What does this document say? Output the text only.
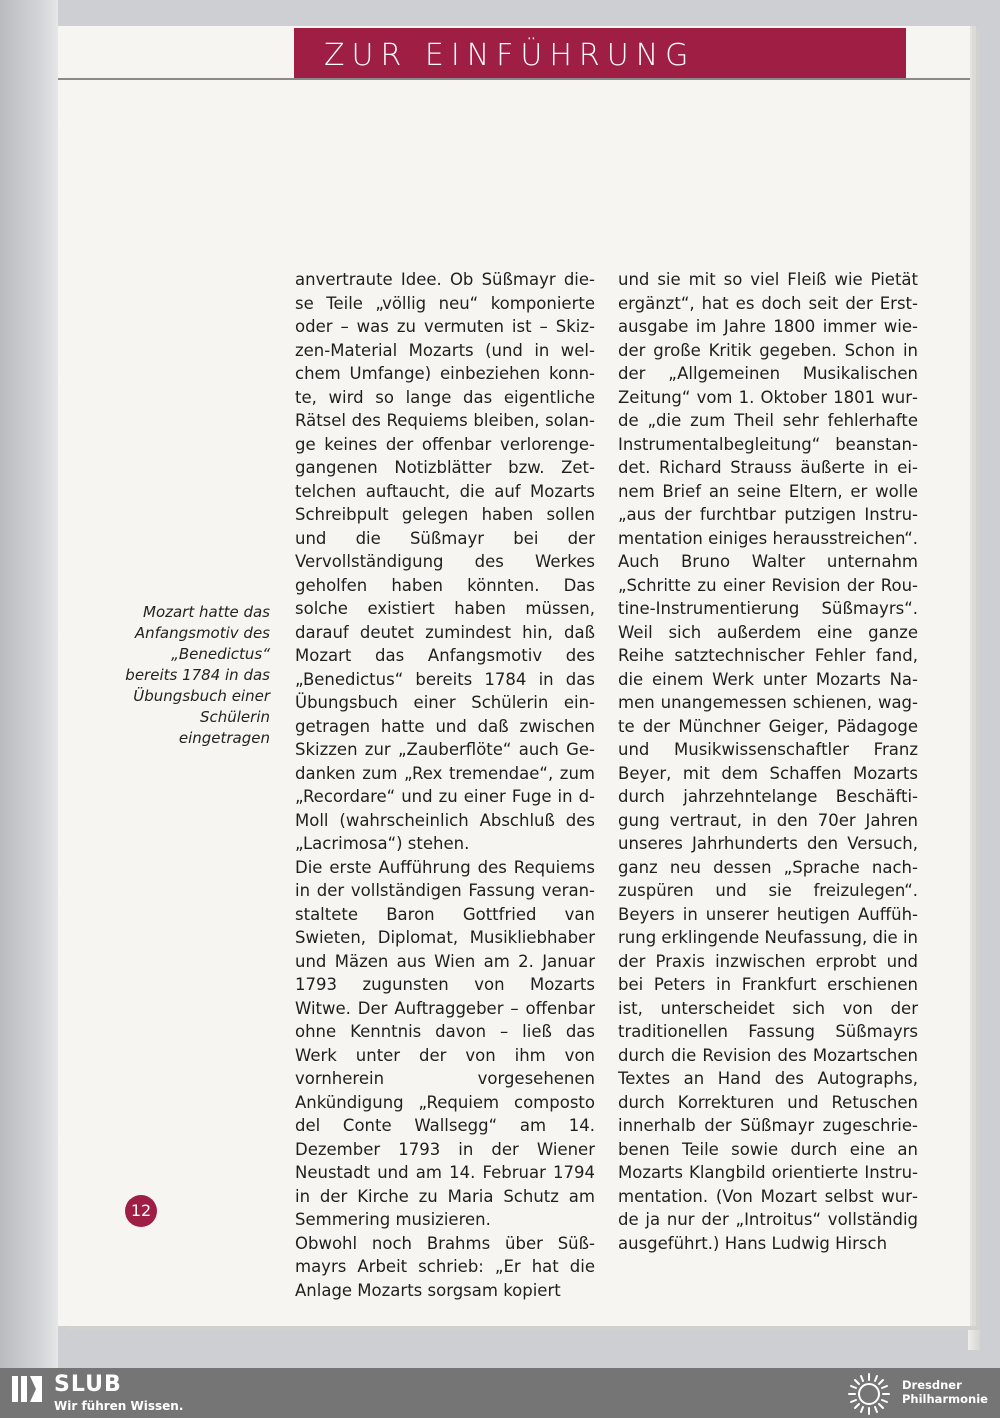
ZUR EINFÜHRUNG
Mozart hatte das Anfangsmotiv des „Benedictus“ bereits 1784 in das Übungsbuch einer Schülerin eingetragen

anvertraute Idee. Ob Süßmayr diese Teile „völlig neu“ komponierte oder – was zu vermuten ist – Skizzen-Material Mozarts (und in welchem Umfange) einbeziehen konnte, wird so lange das eigentliche Rätsel des Requiems bleiben, solange keines der offenbar verlorengegangenen Notizblätter bzw. Zettelchen auftaucht, die auf Mozarts Schreibpult gelegen haben sollen und die Süßmayr bei der Vervollständigung des Werkes geholfen haben könnten. Das solche existiert haben müssen, darauf deutet zumindest hin, daß Mozart das Anfangsmotiv des „Benedictus“ bereits 1784 in das Übungsbuch einer Schülerin eingetragen hatte und daß zwischen Skizzen zur „Zauberflöte“ auch Gedanken zum „Rex tremendae“, zum „Recordare“ und zu einer Fuge in d-Moll (wahrscheinlich Abschluß des „Lacrimosa“) stehen.

Die erste Aufführung des Requiems in der vollständigen Fassung veranstaltete Baron Gottfried van Swieten, Diplomat, Musikliebhaber und Mäzen aus Wien am 2. Januar 1793 zugunsten von Mozarts Witwe. Der Auftraggeber – offenbar ohne Kenntnis davon – ließ das Werk unter der von ihm von vornherein vorgesehenen Ankündigung „Requiem composto del Conte Wallsegg“ am 14. Dezember 1793 in der Wiener Neustadt und am 14. Februar 1794 in der Kirche zu Maria Schutz am Semmering musizieren.

Obwohl noch Brahms über Süßmayrs Arbeit schrieb: „Er hat die Anlage Mozarts sorgsam kopiert

und sie mit so viel Fleiß wie Pietät ergänzt“, hat es doch seit der Erstausgabe im Jahre 1800 immer wieder große Kritik gegeben. Schon in der „Allgemeinen Musikalischen Zeitung“ vom 1. Oktober 1801 wurde „die zum Theil sehr fehlerhafte Instrumentalbegleitung“ beanstandet. Richard Strauss äußerte in einem Brief an seine Eltern, er wolle „aus der furchtbar putzigen Instrumentation einiges herausstreichen“. Auch Bruno Walter unternahm „Schritte zu einer Revision der Routine-Instrumentierung Süßmayrs“. Weil sich außerdem eine ganze Reihe satztechnischer Fehler fand, die einem Werk unter Mozarts Namen unangemessen schienen, wagte der Münchner Geiger, Pädagoge und Musikwissenschaftler Franz Beyer, mit dem Schaffen Mozarts durch jahrzehntelange Beschäftigung vertraut, in den 70er Jahren unseres Jahrhunderts den Versuch, ganz neu dessen „Sprache nachzuspüren und sie freizulegen“. Beyers in unserer heutigen Aufführung erklingende Neufassung, die in der Praxis inzwischen erprobt und bei Peters in Frankfurt erschienen ist, unterscheidet sich von der traditionellen Fassung Süßmayrs durch die Revision des Mozartschen Textes an Hand des Autographs, durch Korrekturen und Retuschen innerhalb der Süßmayr zugeschriebenen Teile sowie durch eine an Mozarts Klangbild orientierte Instrumentation. (Von Mozart selbst wurde ja nur der „Introitus“ vollständig ausgeführt.) Hans Ludwig Hirsch

12
SLUB
Wir führen Wissen.
Dresdner
Philharmonie
